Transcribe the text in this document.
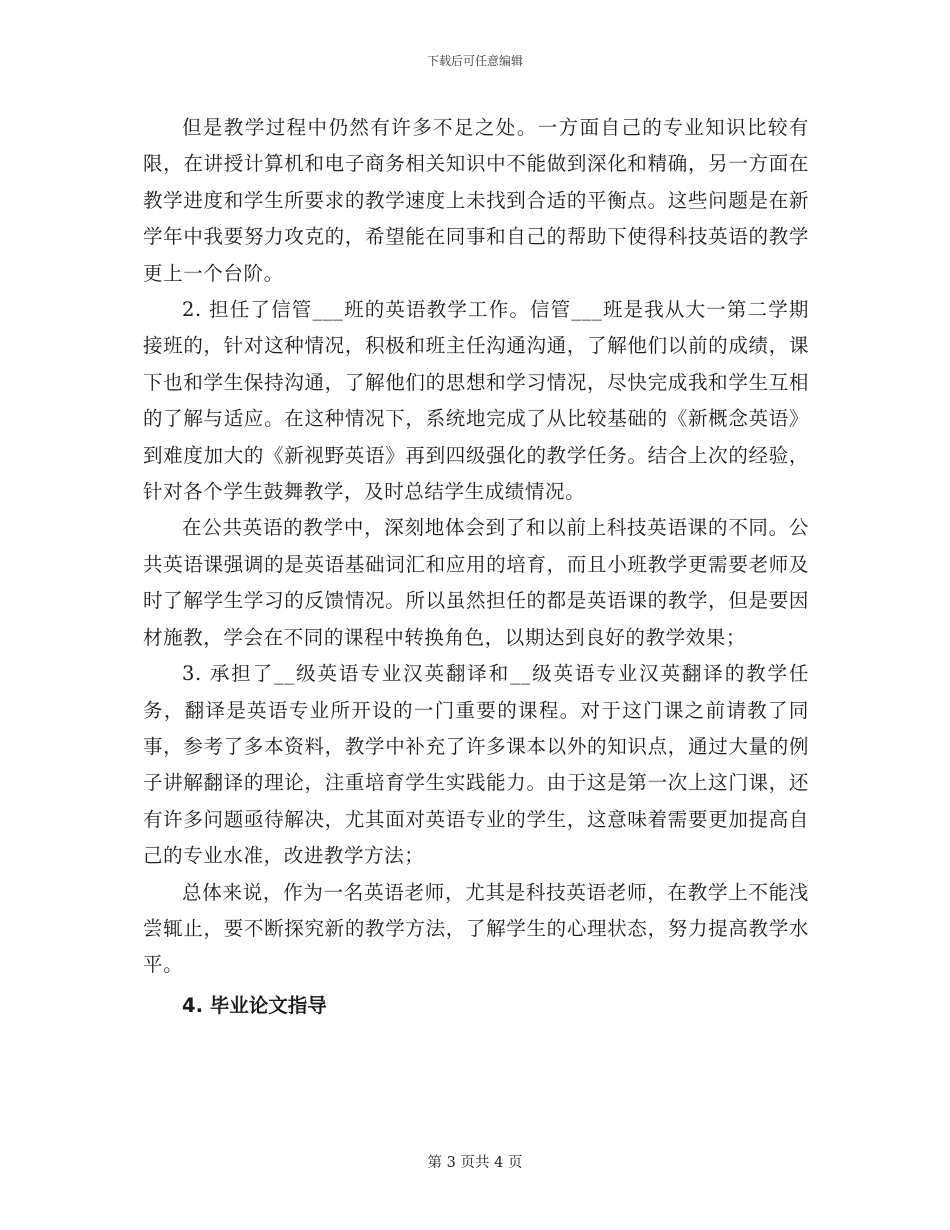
下载后可任意编辑

但是教学过程中仍然有许多不足之处。一方面自己的专业知识比较有限，在讲授计算机和电子商务相关知识中不能做到深化和精确，另一方面在教学进度和学生所要求的教学速度上未找到合适的平衡点。这些问题是在新学年中我要努力攻克的，希望能在同事和自己的帮助下使得科技英语的教学更上一个台阶。

2. 担任了信管___班的英语教学工作。信管___班是我从大一第二学期接班的，针对这种情况，积极和班主任沟通沟通，了解他们以前的成绩，课下也和学生保持沟通，了解他们的思想和学习情况，尽快完成我和学生互相的了解与适应。在这种情况下，系统地完成了从比较基础的《新概念英语》到难度加大的《新视野英语》再到四级强化的教学任务。结合上次的经验，针对各个学生鼓舞教学，及时总结学生成绩情况。

在公共英语的教学中，深刻地体会到了和以前上科技英语课的不同。公共英语课强调的是英语基础词汇和应用的培育，而且小班教学更需要老师及时了解学生学习的反馈情况。所以虽然担任的都是英语课的教学，但是要因材施教，学会在不同的课程中转换角色，以期达到良好的教学效果；

3. 承担了__级英语专业汉英翻译和__级英语专业汉英翻译的教学任务，翻译是英语专业所开设的一门重要的课程。对于这门课之前请教了同事，参考了多本资料，教学中补充了许多课本以外的知识点，通过大量的例子讲解翻译的理论，注重培育学生实践能力。由于这是第一次上这门课，还有许多问题亟待解决，尤其面对英语专业的学生，这意味着需要更加提高自己的专业水准，改进教学方法；

总体来说，作为一名英语老师，尤其是科技英语老师，在教学上不能浅尝辄止，要不断探究新的教学方法，了解学生的心理状态，努力提高教学水平。

4. 毕业论文指导

第 3 页共 4 页
